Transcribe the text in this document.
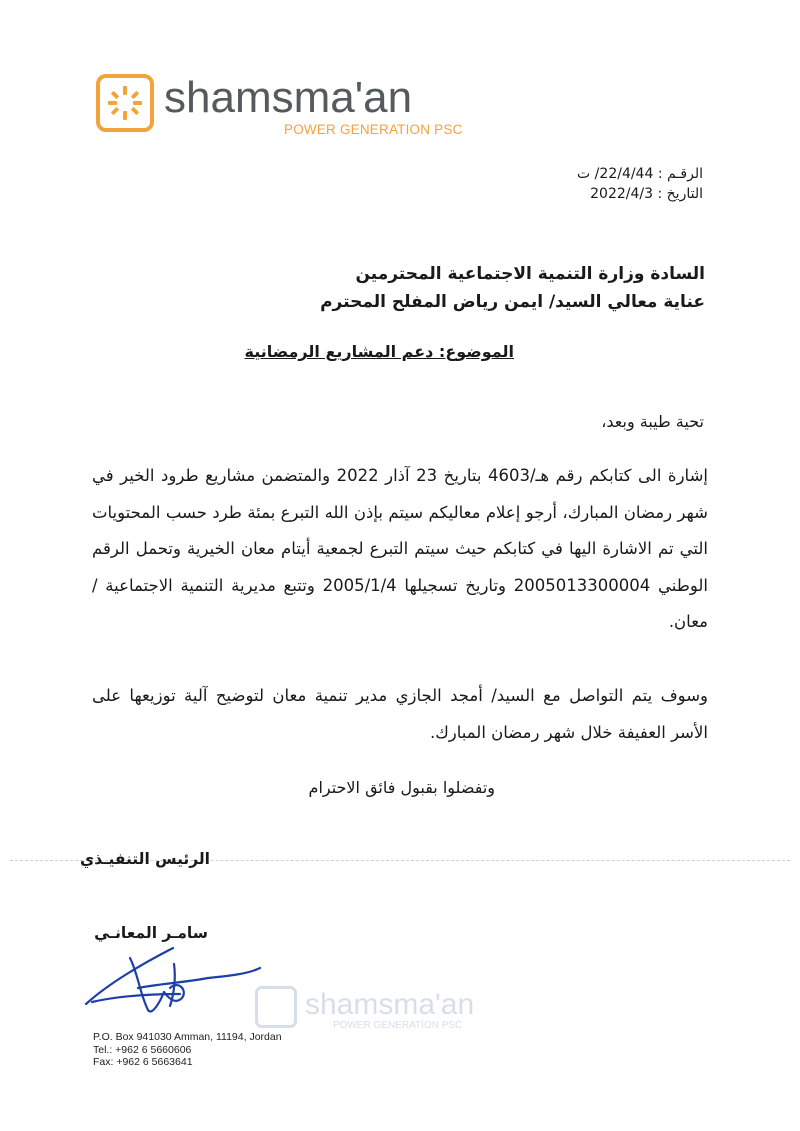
shamsma'an
POWER GENERATION PSC
الرقـم : 22/4/44/ ت
التاريخ : 2022/4/3
السادة وزارة التنمية الاجتماعية المحترمين
عناية معالي السيد/ ايمن رياض المفلح المحترم
الموضوع: دعم المشاريع الرمضانية
تحية طيبة وبعد،
إشارة الى كتابكم رقم هـ/4603 بتاريخ 23 آذار 2022 والمتضمن مشاريع طرود الخير في شهر رمضان المبارك، أرجو إعلام معاليكم سيتم بإذن الله التبرع بمئة طرد حسب المحتويات التي تم الاشارة اليها في كتابكم حيث سيتم التبرع لجمعية أيتام معان الخيرية وتحمل الرقم الوطني 2005013300004 وتاريخ تسجيلها 2005/1/4 وتتبع مديرية التنمية الاجتماعية / معان.
وسوف يتم التواصل مع السيد/ أمجد الجازي مدير تنمية معان لتوضيح آلية توزيعها على الأسر العفيفة خلال شهر رمضان المبارك.
وتفضلوا بقبول فائق الاحترام
الرئيس التنفيـذي
سامـر المعانـي
shamsma'an
POWER GENERATION PSC
P.O. Box 941030 Amman, 11194, Jordan
Tel.: +962 6 5660606
Fax: +962 6 5663641
